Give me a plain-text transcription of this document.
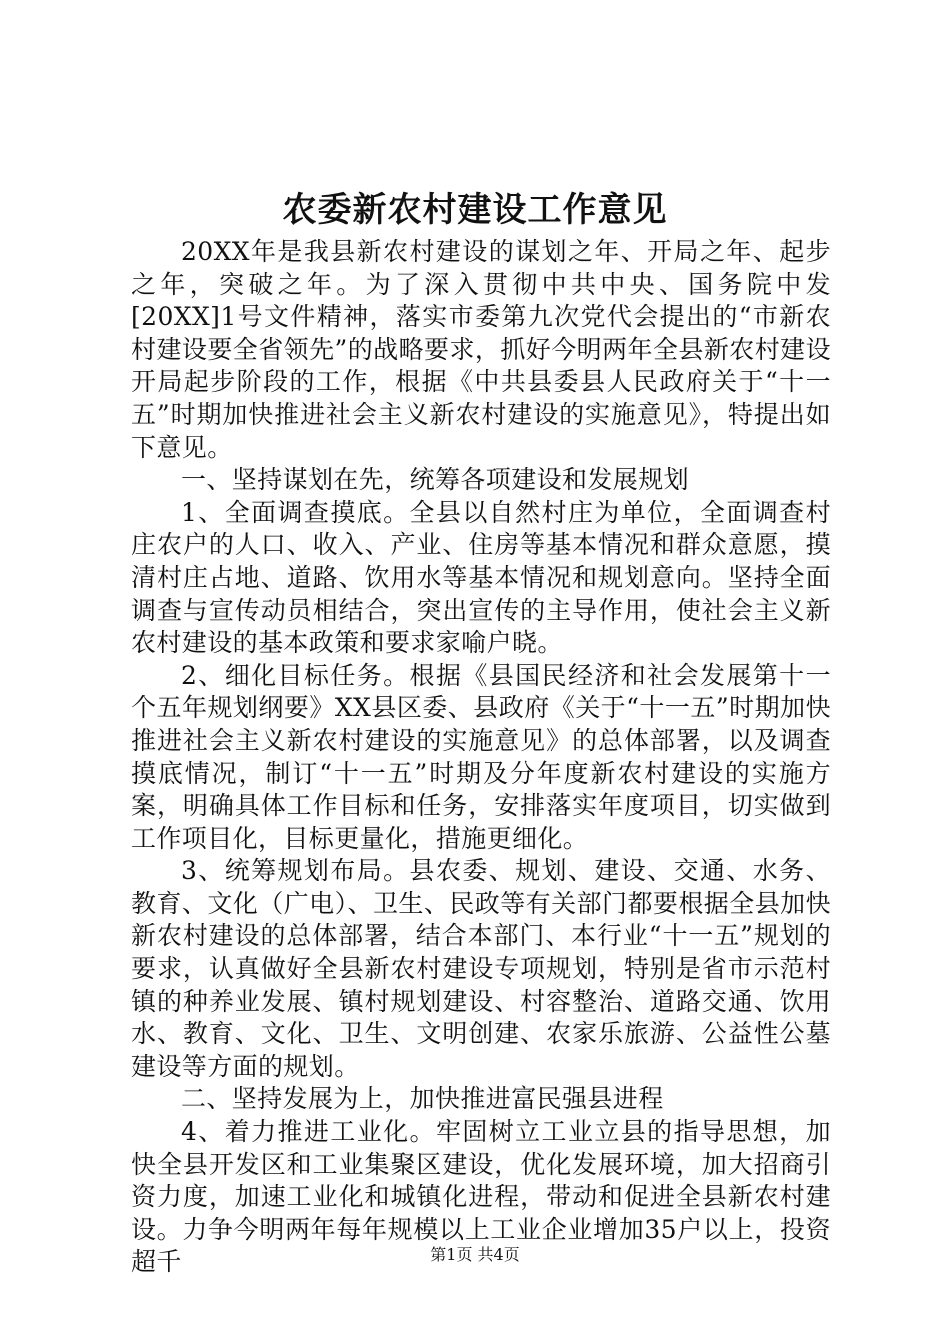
农委新农村建设工作意见

20XX年是我县新农村建设的谋划之年、开局之年、起步之年，突破之年。为了深入贯彻中共中央、国务院中发[20XX]1号文件精神，落实市委第九次党代会提出的“市新农村建设要全省领先”的战略要求，抓好今明两年全县新农村建设开局起步阶段的工作，根据《中共县委县人民政府关于“十一五”时期加快推进社会主义新农村建设的实施意见》，特提出如下意见。

一、坚持谋划在先，统筹各项建设和发展规划

1、全面调查摸底。全县以自然村庄为单位，全面调查村庄农户的人口、收入、产业、住房等基本情况和群众意愿，摸清村庄占地、道路、饮用水等基本情况和规划意向。坚持全面调查与宣传动员相结合，突出宣传的主导作用，使社会主义新农村建设的基本政策和要求家喻户晓。

2、细化目标任务。根据《县国民经济和社会发展第十一个五年规划纲要》XX县区委、县政府《关于“十一五”时期加快推进社会主义新农村建设的实施意见》的总体部署，以及调查摸底情况，制订“十一五”时期及分年度新农村建设的实施方案，明确具体工作目标和任务，安排落实年度项目，切实做到工作项目化，目标更量化，措施更细化。

3、统筹规划布局。县农委、规划、建设、交通、水务、教育、文化（广电）、卫生、民政等有关部门都要根据全县加快新农村建设的总体部署，结合本部门、本行业“十一五”规划的要求，认真做好全县新农村建设专项规划，特别是省市示范村镇的种养业发展、镇村规划建设、村容整治、道路交通、饮用水、教育、文化、卫生、文明创建、农家乐旅游、公益性公墓建设等方面的规划。

二、坚持发展为上，加快推进富民强县进程

4、着力推进工业化。牢固树立工业立县的指导思想，加快全县开发区和工业集聚区建设，优化发展环境，加大招商引资力度，加速工业化和城镇化进程，带动和促进全县新农村建设。力争今明两年每年规模以上工业企业增加35户以上，投资超千	第1页 共4页
